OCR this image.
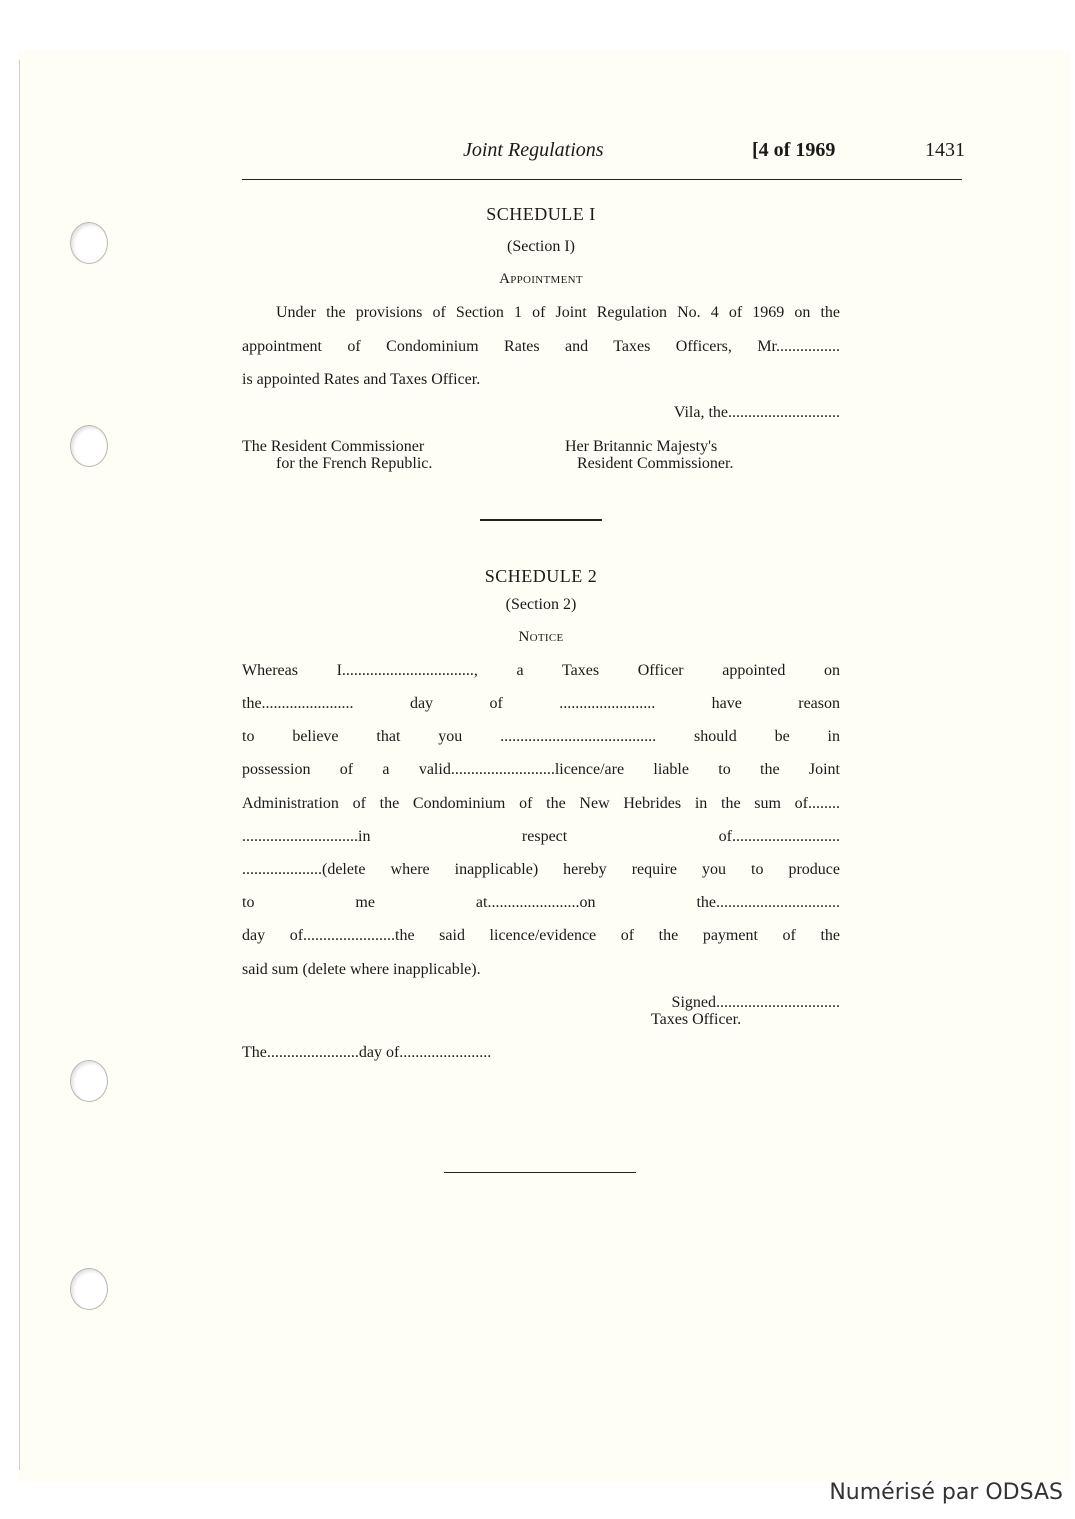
Joint Regulations	[4 of 1969	1431
SCHEDULE I
(Section I)
Appointment
Under the provisions of Section 1 of Joint Regulation No. 4 of 1969 on the
appointment of Condominium Rates and Taxes Officers, Mr................
is appointed Rates and Taxes Officer.
Vila, the............................
The Resident Commissioner
for the French Republic.
Her Britannic Majesty's
Resident Commissioner.
SCHEDULE 2
(Section 2)
Notice
Whereas I................................., a Taxes Officer appointed on
the....................... day of ........................ have reason
to believe that you ....................................... should be in
possession of a valid..........................licence/are liable to the Joint
Administration of the Condominium of the New Hebrides in the sum of........
.............................in respect of...........................
....................(delete where inapplicable) hereby require you to produce
to me at.......................on the...............................
day of.......................the said licence/evidence of the payment of the
said sum (delete where inapplicable).
Signed...............................
Taxes Officer.
The.......................day of.......................
Numérisé par ODSAS
